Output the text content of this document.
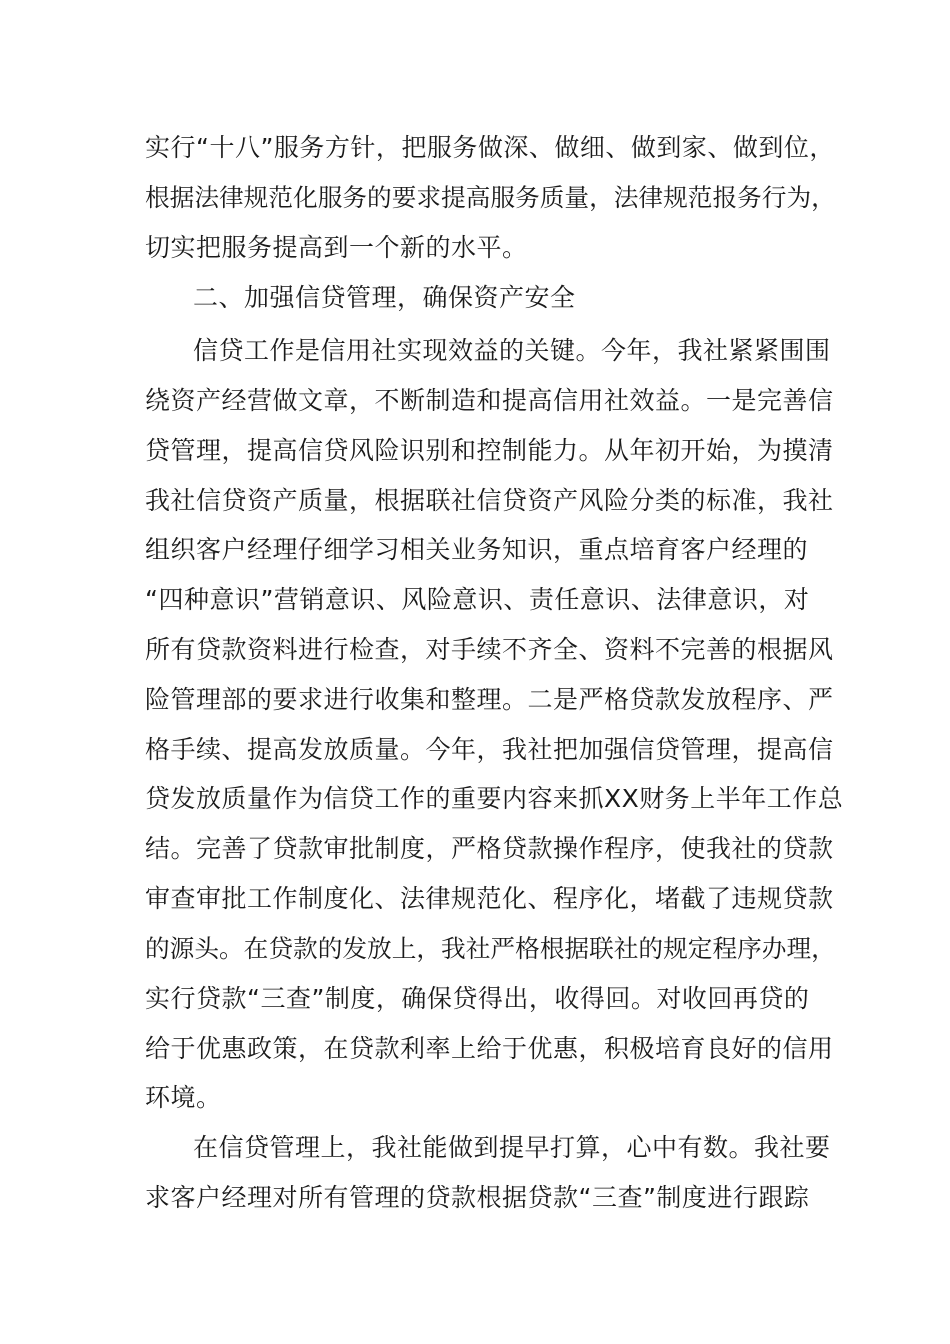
实行“十八”服务方针，把服务做深、做细、做到家、做到位，

根据法律规范化服务的要求提高服务质量，法律规范报务行为，

切实把服务提高到一个新的水平。

二、加强信贷管理，确保资产安全

信贷工作是信用社实现效益的关键。今年，我社紧紧围围

绕资产经营做文章，不断制造和提高信用社效益。一是完善信

贷管理，提高信贷风险识别和控制能力。从年初开始，为摸清

我社信贷资产质量，根据联社信贷资产风险分类的标准，我社

组织客户经理仔细学习相关业务知识，重点培育客户经理的

“四种意识”营销意识、风险意识、责任意识、法律意识，对

所有贷款资料进行检查，对手续不齐全、资料不完善的根据风

险管理部的要求进行收集和整理。二是严格贷款发放程序、严

格手续、提高发放质量。今年，我社把加强信贷管理，提高信

贷发放质量作为信贷工作的重要内容来抓XX财务上半年工作总

结。完善了贷款审批制度，严格贷款操作程序，使我社的贷款

审查审批工作制度化、法律规范化、程序化，堵截了违规贷款

的源头。在贷款的发放上，我社严格根据联社的规定程序办理，

实行贷款“三查”制度，确保贷得出，收得回。对收回再贷的

给于优惠政策，在贷款利率上给于优惠，积极培育良好的信用

环境。

在信贷管理上，我社能做到提早打算，心中有数。我社要

求客户经理对所有管理的贷款根据贷款“三查”制度进行跟踪
